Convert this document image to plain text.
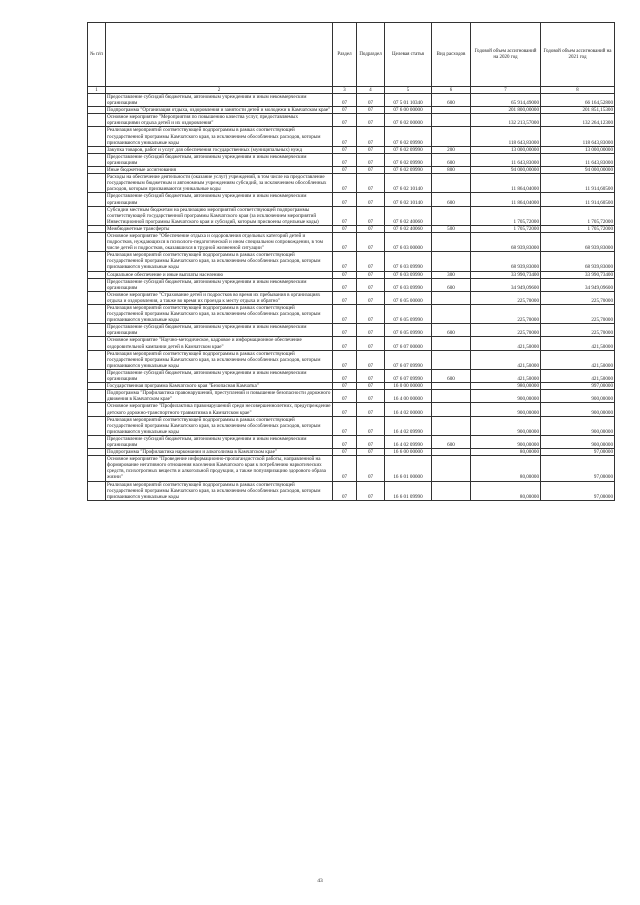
№ п/п		Раздел	Подраздел	Целевая статья	Вид расходов	Годовой объем ассигнований на 2020 год	Годовой объем ассигнований на 2021 год
1	2	3	4	5	6	7	8
	Предоставление субсидий бюджетным, автономным учреждениям и иным некоммерческим организациям	07	07	07 5 01 10340	600	65 914,49000	66 164,52800
	Подпрограмма "Организация отдыха, оздоровления и занятости детей и молодежи в Камчатском крае"	07	07	07 6 00 00000		201 800,00000	201 851,15300
	Основное мероприятие "Мероприятия по повышению качества услуг, предоставляемых организациями отдыха детей и их оздоровления"	07	07	07 6 02 00000		132 213,57000	132 264,12300
	Реализация мероприятий соответствующей подпрограммы в рамках соответствующей государственной программы Камчатского края, за исключением обособленных расходов, которым присваиваются уникальные коды	07	07	07 6 02 09990		118 643,83000	118 643,83000
	Закупка товаров, работ и услуг для обеспечения государственных (муниципальных) нужд	07	07	07 6 02 09990	200	13 000,00000	13 000,00000
	Предоставление субсидий бюджетным, автономным учреждениям и иным некоммерческим организациям	07	07	07 6 02 09990	600	11 643,83000	11 643,83000
	Иные бюджетные ассигнования	07	07	07 6 02 09990	800	94 000,00000	94 000,00000
	Расходы на обеспечение деятельности (оказание услуг) учреждений, в том числе на предоставление государственным бюджетным и автономным учреждениям субсидий, за исключением обособленных расходов, которым присваиваются уникальные коды	07	07	07 6 02 10140		11 864,04000	11 914,60500
	Предоставление субсидий бюджетным, автономным учреждениям и иным некоммерческим организациям	07	07	07 6 02 10140	600	11 864,04000	11 914,60500
	Субсидии местным бюджетам на реализацию мероприятий соответствующей подпрограммы соответствующей государственной программы Камчатского края (за исключением мероприятий Инвестиционной программы Камчатского края и субсидий, которым присвоены отдельные коды)	07	07	07 6 02 40060		1 705,72000	1 705,72000
	Межбюджетные трансферты	07	07	07 6 02 40060	500	1 705,72000	1 705,72000
	Основное мероприятие "Обеспечение отдыха и оздоровления отдельных категорий детей и подростков, нуждающихся в психолого-педагогической и ином специальном сопровождении, в том числе детей и подростков, оказавшихся в трудной жизненной ситуации"	07	07	07 6 03 00000		68 939,83000	68 939,83000
	Реализация мероприятий соответствующей подпрограммы в рамках соответствующей государственной программы Камчатского края, за исключением обособленных расходов, которым присваиваются уникальные коды	07	07	07 6 03 09990		68 939,83000	68 939,83000
	Социальное обеспечение и иные выплаты населению	07	07	07 6 03 09990	300	33 990,73400	33 990,73400
	Предоставление субсидий бюджетным, автономным учреждениям и иным некоммерческим организациям	07	07	07 6 03 09990	600	34 949,09600	34 949,09600
	Основное мероприятие "Страхование детей и подростков во время их пребывания в организациях отдыха и оздоровления, а также во время их проезда к месту отдыха и обратно"	07	07	07 6 05 00000		225,70000	225,70000
	Реализация мероприятий соответствующей подпрограммы в рамках соответствующей государственной программы Камчатского края, за исключением обособленных расходов, которым присваиваются уникальные коды	07	07	07 6 05 09990		225,70000	225,70000
	Предоставление субсидий бюджетным, автономным учреждениям и иным некоммерческим организациям	07	07	07 6 05 09990	600	225,70000	225,70000
	Основное мероприятие "Научно-методическое, кадровое и информационное обеспечение оздоровительной кампании детей в Камчатском крае"	07	07	07 6 07 00000		421,50000	421,50000
	Реализация мероприятий соответствующей подпрограммы в рамках соответствующей государственной программы Камчатского края, за исключением обособленных расходов, которым присваиваются уникальные коды	07	07	07 6 07 09990		421,50000	421,50000
	Предоставление субсидий бюджетным, автономным учреждениям и иным некоммерческим организациям	07	07	07 6 07 09990	600	421,50000	421,50000
	Государственная программа Камчатского края "Безопасная Камчатка"	07	07	16 0 00 00000		980,00000	997,00000
	Подпрограмма "Профилактика правонарушений, преступлений и повышение безопасности дорожного движения в Камчатском крае"	07	07	16 4 00 00000		900,00000	900,00000
	Основное мероприятие "Профилактика правонарушений среди несовершеннолетних, предупреждение детского дорожно-транспортного травматизма в Камчатском крае"	07	07	16 4 02 00000		900,00000	900,00000
	Реализация мероприятий соответствующей подпрограммы в рамках соответствующей государственной программы Камчатского края, за исключением обособленных расходов, которым присваиваются уникальные коды	07	07	16 4 02 09990		900,00000	900,00000
	Предоставление субсидий бюджетным, автономным учреждениям и иным некоммерческим организациям	07	07	16 4 02 09990	600	900,00000	900,00000
	Подпрограмма "Профилактика наркомании и алкоголизма в Камчатском крае"	07	07	16 6 00 00000		80,00000	97,00000
	Основное мероприятие "Проведение информационно-пропагандистской работы, направленной на формирование негативного отношения населения Камчатского края к потреблению наркотических средств, психотропных веществ и алкогольной продукции, а также популяризацию здорового образа жизни"	07	07	16 6 01 00000		80,00000	97,00000
	Реализация мероприятий соответствующей подпрограммы в рамках соответствующей государственной программы Камчатского края, за исключением обособленных расходов, которым присваиваются уникальные коды	07	07	16 6 01 09990		80,00000	97,00000
43
